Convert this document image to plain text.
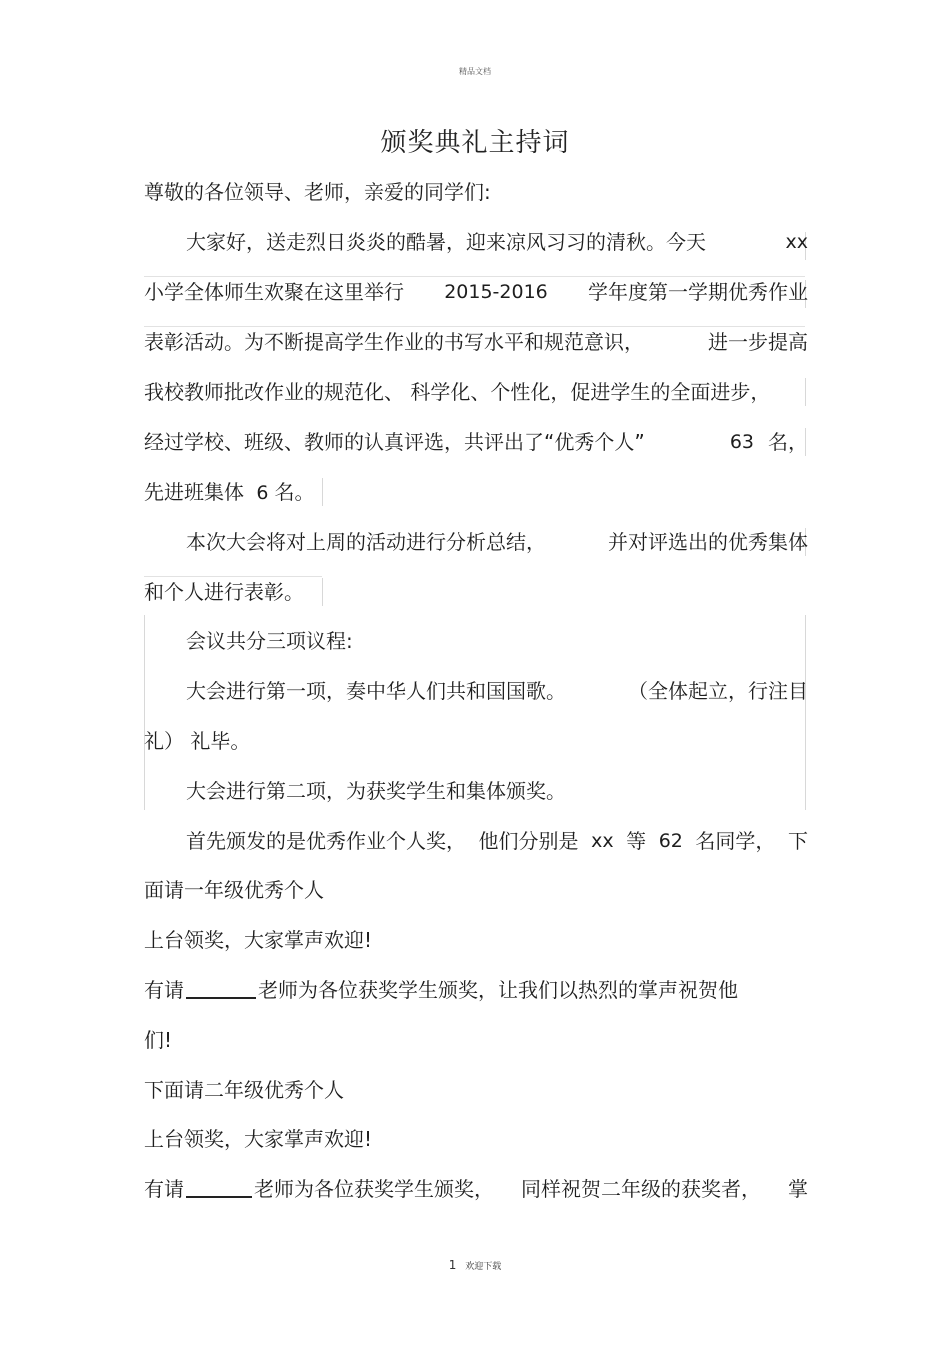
精品文档
颁奖典礼主持词
尊敬的各位领导、老师，亲爱的同学们:
大家好，送走烈日炎炎的酷暑，迎来凉风习习的清秋。今天	xx
小学全体师生欢聚在这里举行 2015-2016 学年度第一学期优秀作业
表彰活动。为不断提高学生作业的书写水平和规范意识，	进一步提高
我校教师批改作业的规范化、 科学化、个性化，促进学生的全面进步，
经过学校、班级、教师的认真评选，共评出了“优秀个人”	63 名，
先进班集体 6 名。
本次大会将对上周的活动进行分析总结，	并对评选出的优秀集体
和个人进行表彰。
会议共分三项议程:
大会进行第一项，奏中华人们共和国国歌。	（全体起立，行注目
礼） 礼毕。
大会进行第二项，为获奖学生和集体颁奖。
首先颁发的是优秀作业个人奖， 他们分别是 xx 等 62 名同学， 下
面请一年级优秀个人
上台领奖，大家掌声欢迎!
有请	老师为各位获奖学生颁奖，让我们以热烈的掌声祝贺他
们!
下面请二年级优秀个人
上台领奖，大家掌声欢迎!
有请	老师为各位获奖学生颁奖， 同样祝贺二年级的获奖者， 掌
1 欢迎下载
